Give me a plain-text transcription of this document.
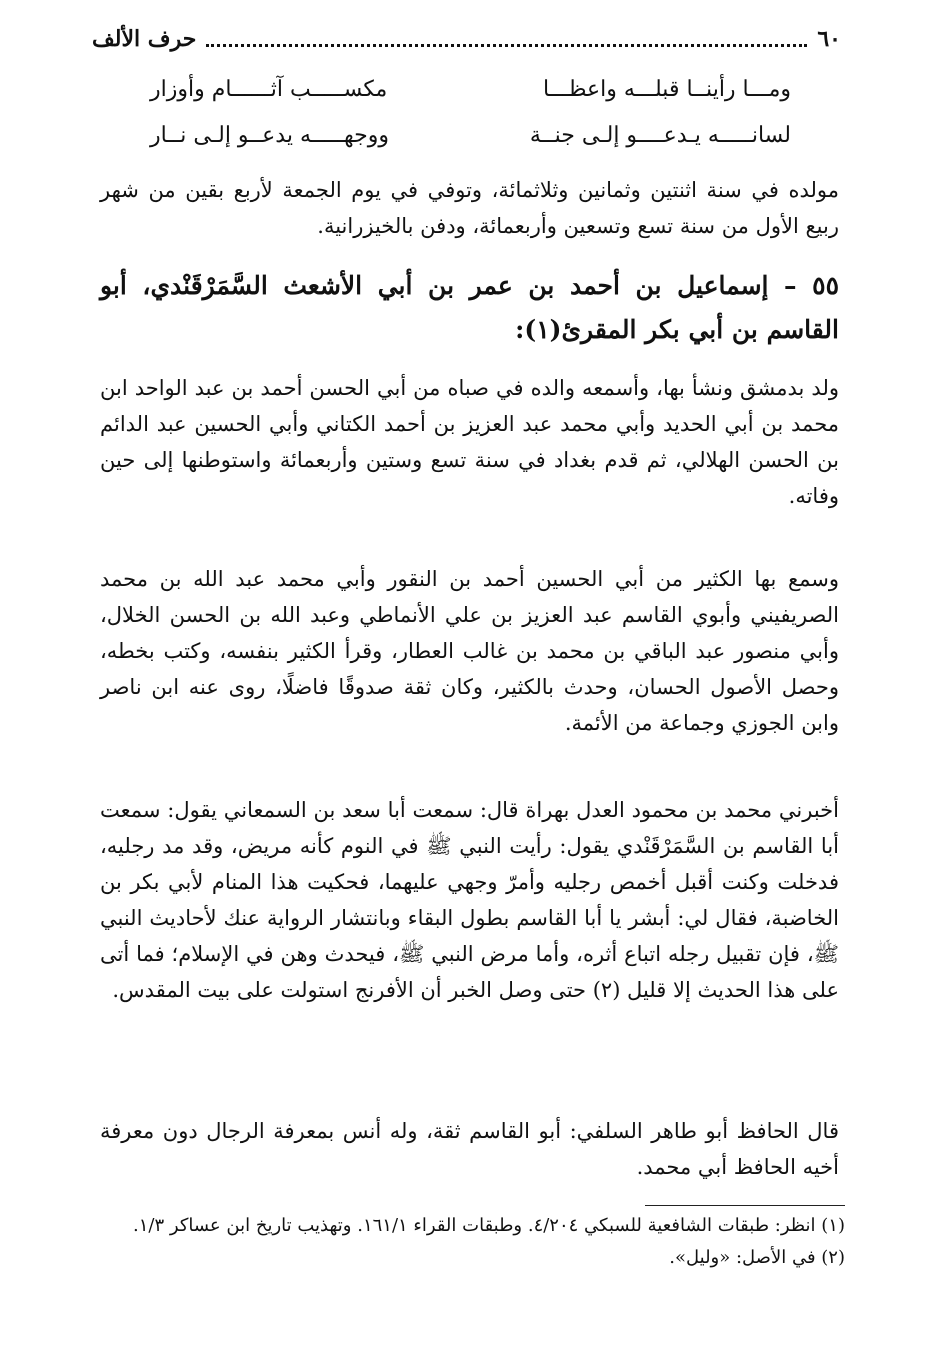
٦٠
حرف الألف
ومـــا رأينــا قبلـــه واعظـــا
مكســـــب آثــــــام وأوزار
لسانـــــه يـدعــــو إلـى جنــة
ووجهـــــه يدعــو إلـى نــار

مولده في سنة اثنتين وثمانين وثلاثمائة، وتوفي في يوم الجمعة لأربع بقين من شهر ربيع الأول من سنة تسع وتسعين وأربعمائة، ودفن بالخيزرانية.

٥٥ – إسماعيل بن أحمد بن عمر بن أبي الأشعث السَّمَرْقَنْدي، أبو القاسم بن أبي بكر المقرئ(١):

ولد بدمشق ونشأ بها، وأسمعه والده في صباه من أبي الحسن أحمد بن عبد الواحد ابن محمد بن أبي الحديد وأبي محمد عبد العزيز بن أحمد الكتاني وأبي الحسين عبد الدائم بن الحسن الهلالي، ثم قدم بغداد في سنة تسع وستين وأربعمائة واستوطنها إلى حين وفاته.

وسمع بها الكثير من أبي الحسين أحمد بن النقور وأبي محمد عبد الله بن محمد الصريفيني وأبوي القاسم عبد العزيز بن علي الأنماطي وعبد الله بن الحسن الخلال، وأبي منصور عبد الباقي بن محمد بن غالب العطار، وقرأ الكثير بنفسه، وكتب بخطه، وحصل الأصول الحسان، وحدث بالكثير، وكان ثقة صدوقًا فاضلًا، روى عنه ابن ناصر وابن الجوزي وجماعة من الأئمة.

أخبرني محمد بن محمود العدل بهراة قال: سمعت أبا سعد بن السمعاني يقول: سمعت أبا القاسم بن السَّمَرْقَنْدي يقول: رأيت النبي ﷺ في النوم كأنه مريض، وقد مد رجليه، فدخلت وكنت أقبل أخمص رجليه وأمرّ وجهي عليهما، فحكيت هذا المنام لأبي بكر بن الخاضبة، فقال لي: أبشر يا أبا القاسم بطول البقاء وبانتشار الرواية عنك لأحاديث النبي ﷺ، فإن تقبيل رجله اتباع أثره، وأما مرض النبي ﷺ، فيحدث وهن في الإسلام؛ فما أتى على هذا الحديث إلا قليل (٢) حتى وصل الخبر أن الأفرنج استولت على بيت المقدس.

قال الحافظ أبو طاهر السلفي: أبو القاسم ثقة، وله أنس بمعرفة الرجال دون معرفة أخيه الحافظ أبي محمد.

(١) انظر: طبقات الشافعية للسبكي ٤/٢٠٤. وطبقات القراء ١٦١/١. وتهذيب تاريخ ابن عساكر ١/٣.

(٢) في الأصل: «وليل».
